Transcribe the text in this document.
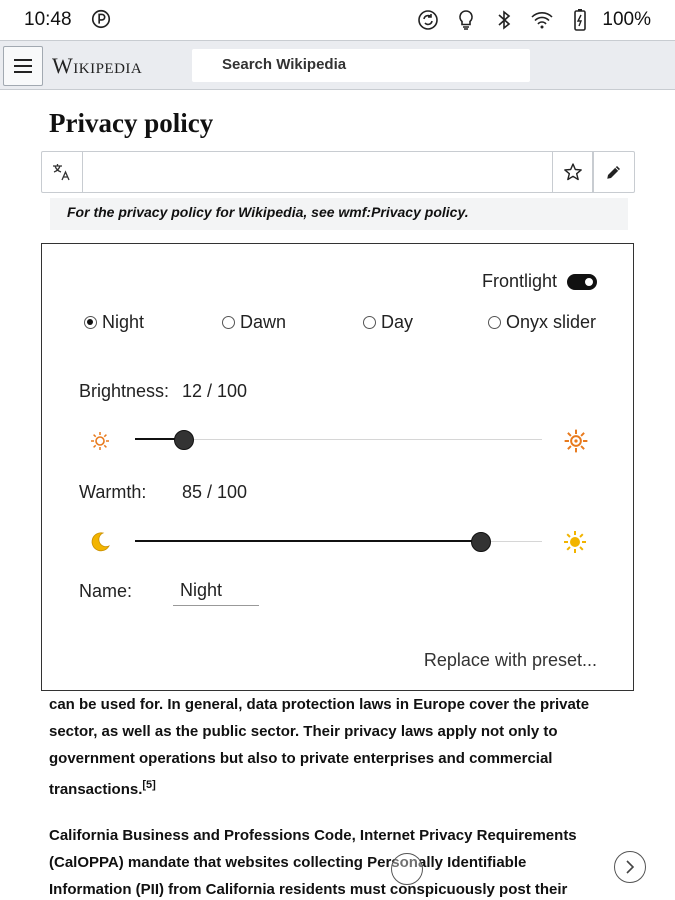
10:48	100%
Wikipedia	Search Wikipedia
Privacy policy
For the privacy policy for Wikipedia, see wmf:Privacy policy.
can be used for. In general, data protection laws in Europe cover the private
sector, as well as the public sector. Their privacy laws apply not only to
government operations but also to private enterprises and commercial
transactions.[5]
California Business and Professions Code, Internet Privacy Requirements
(CalOPPA) mandate that websites collecting Personally Identifiable
Information (PII) from California residents must conspicuously post their
Frontlight
Night	Dawn	Day	Onyx slider
Brightness: 12 / 100
Warmth: 85 / 100
Name:	Night
Replace with preset...
